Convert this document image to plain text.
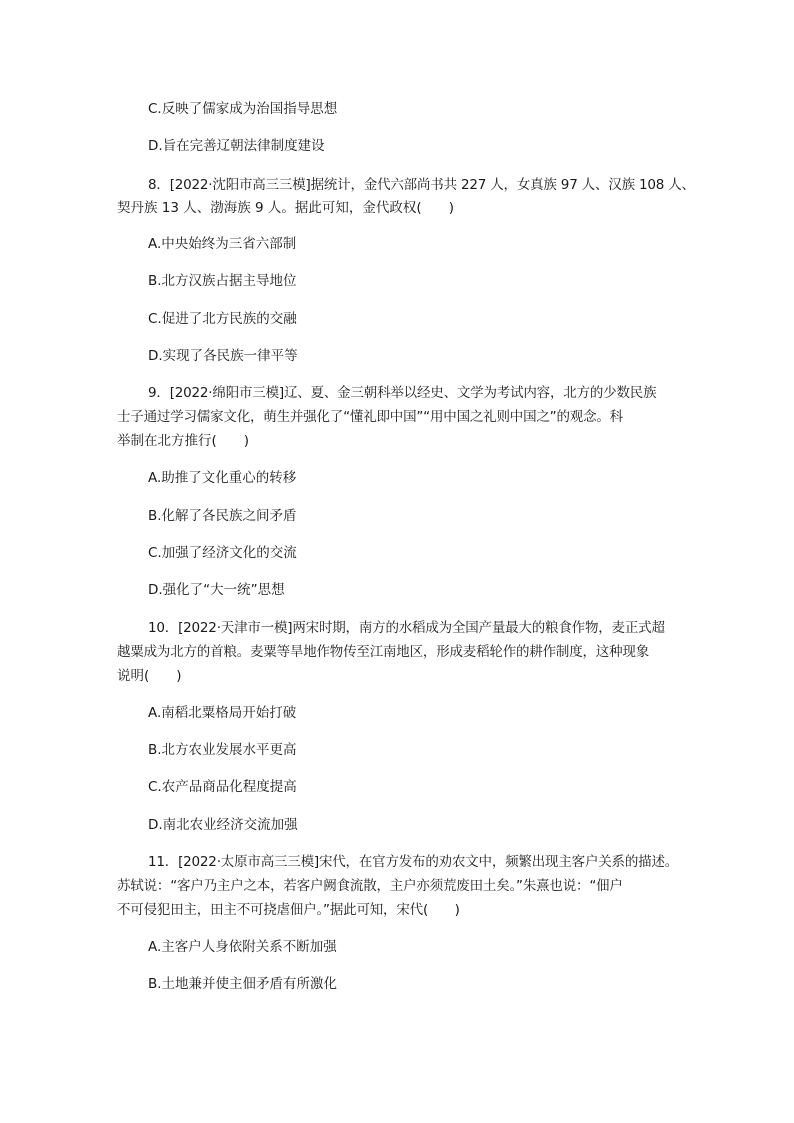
C.反映了儒家成为治国指导思想
D.旨在完善辽朝法律制度建设
8．[2022·沈阳市高三三模]据统计，金代六部尚书共 227 人，女真族 97 人、汉族 108 人、
契丹族 13 人、渤海族 9 人。据此可知，金代政权(　　)
A.中央始终为三省六部制
B.北方汉族占据主导地位
C.促进了北方民族的交融
D.实现了各民族一律平等
9．[2022·绵阳市三模]辽、夏、金三朝科举以经史、文学为考试内容，北方的少数民族
士子通过学习儒家文化，萌生并强化了“懂礼即中国”“用中国之礼则中国之”的观念。科
举制在北方推行(　　)
A.助推了文化重心的转移
B.化解了各民族之间矛盾
C.加强了经济文化的交流
D.强化了“大一统”思想
10．[2022·天津市一模]两宋时期，南方的水稻成为全国产量最大的粮食作物，麦正式超
越粟成为北方的首粮。麦粟等旱地作物传至江南地区，形成麦稻轮作的耕作制度，这种现象
说明(　　)
A.南稻北粟格局开始打破
B.北方农业发展水平更高
C.农产品商品化程度提高
D.南北农业经济交流加强
11．[2022·太原市高三三模]宋代，在官方发布的劝农文中，频繁出现主客户关系的描述。
苏轼说：“客户乃主户之本，若客户阙食流散，主户亦须荒废田土矣。”朱熹也说：“佃户
不可侵犯田主，田主不可挠虐佃户。”据此可知，宋代(　　)
A.主客户人身依附关系不断加强
B.土地兼并使主佃矛盾有所激化
